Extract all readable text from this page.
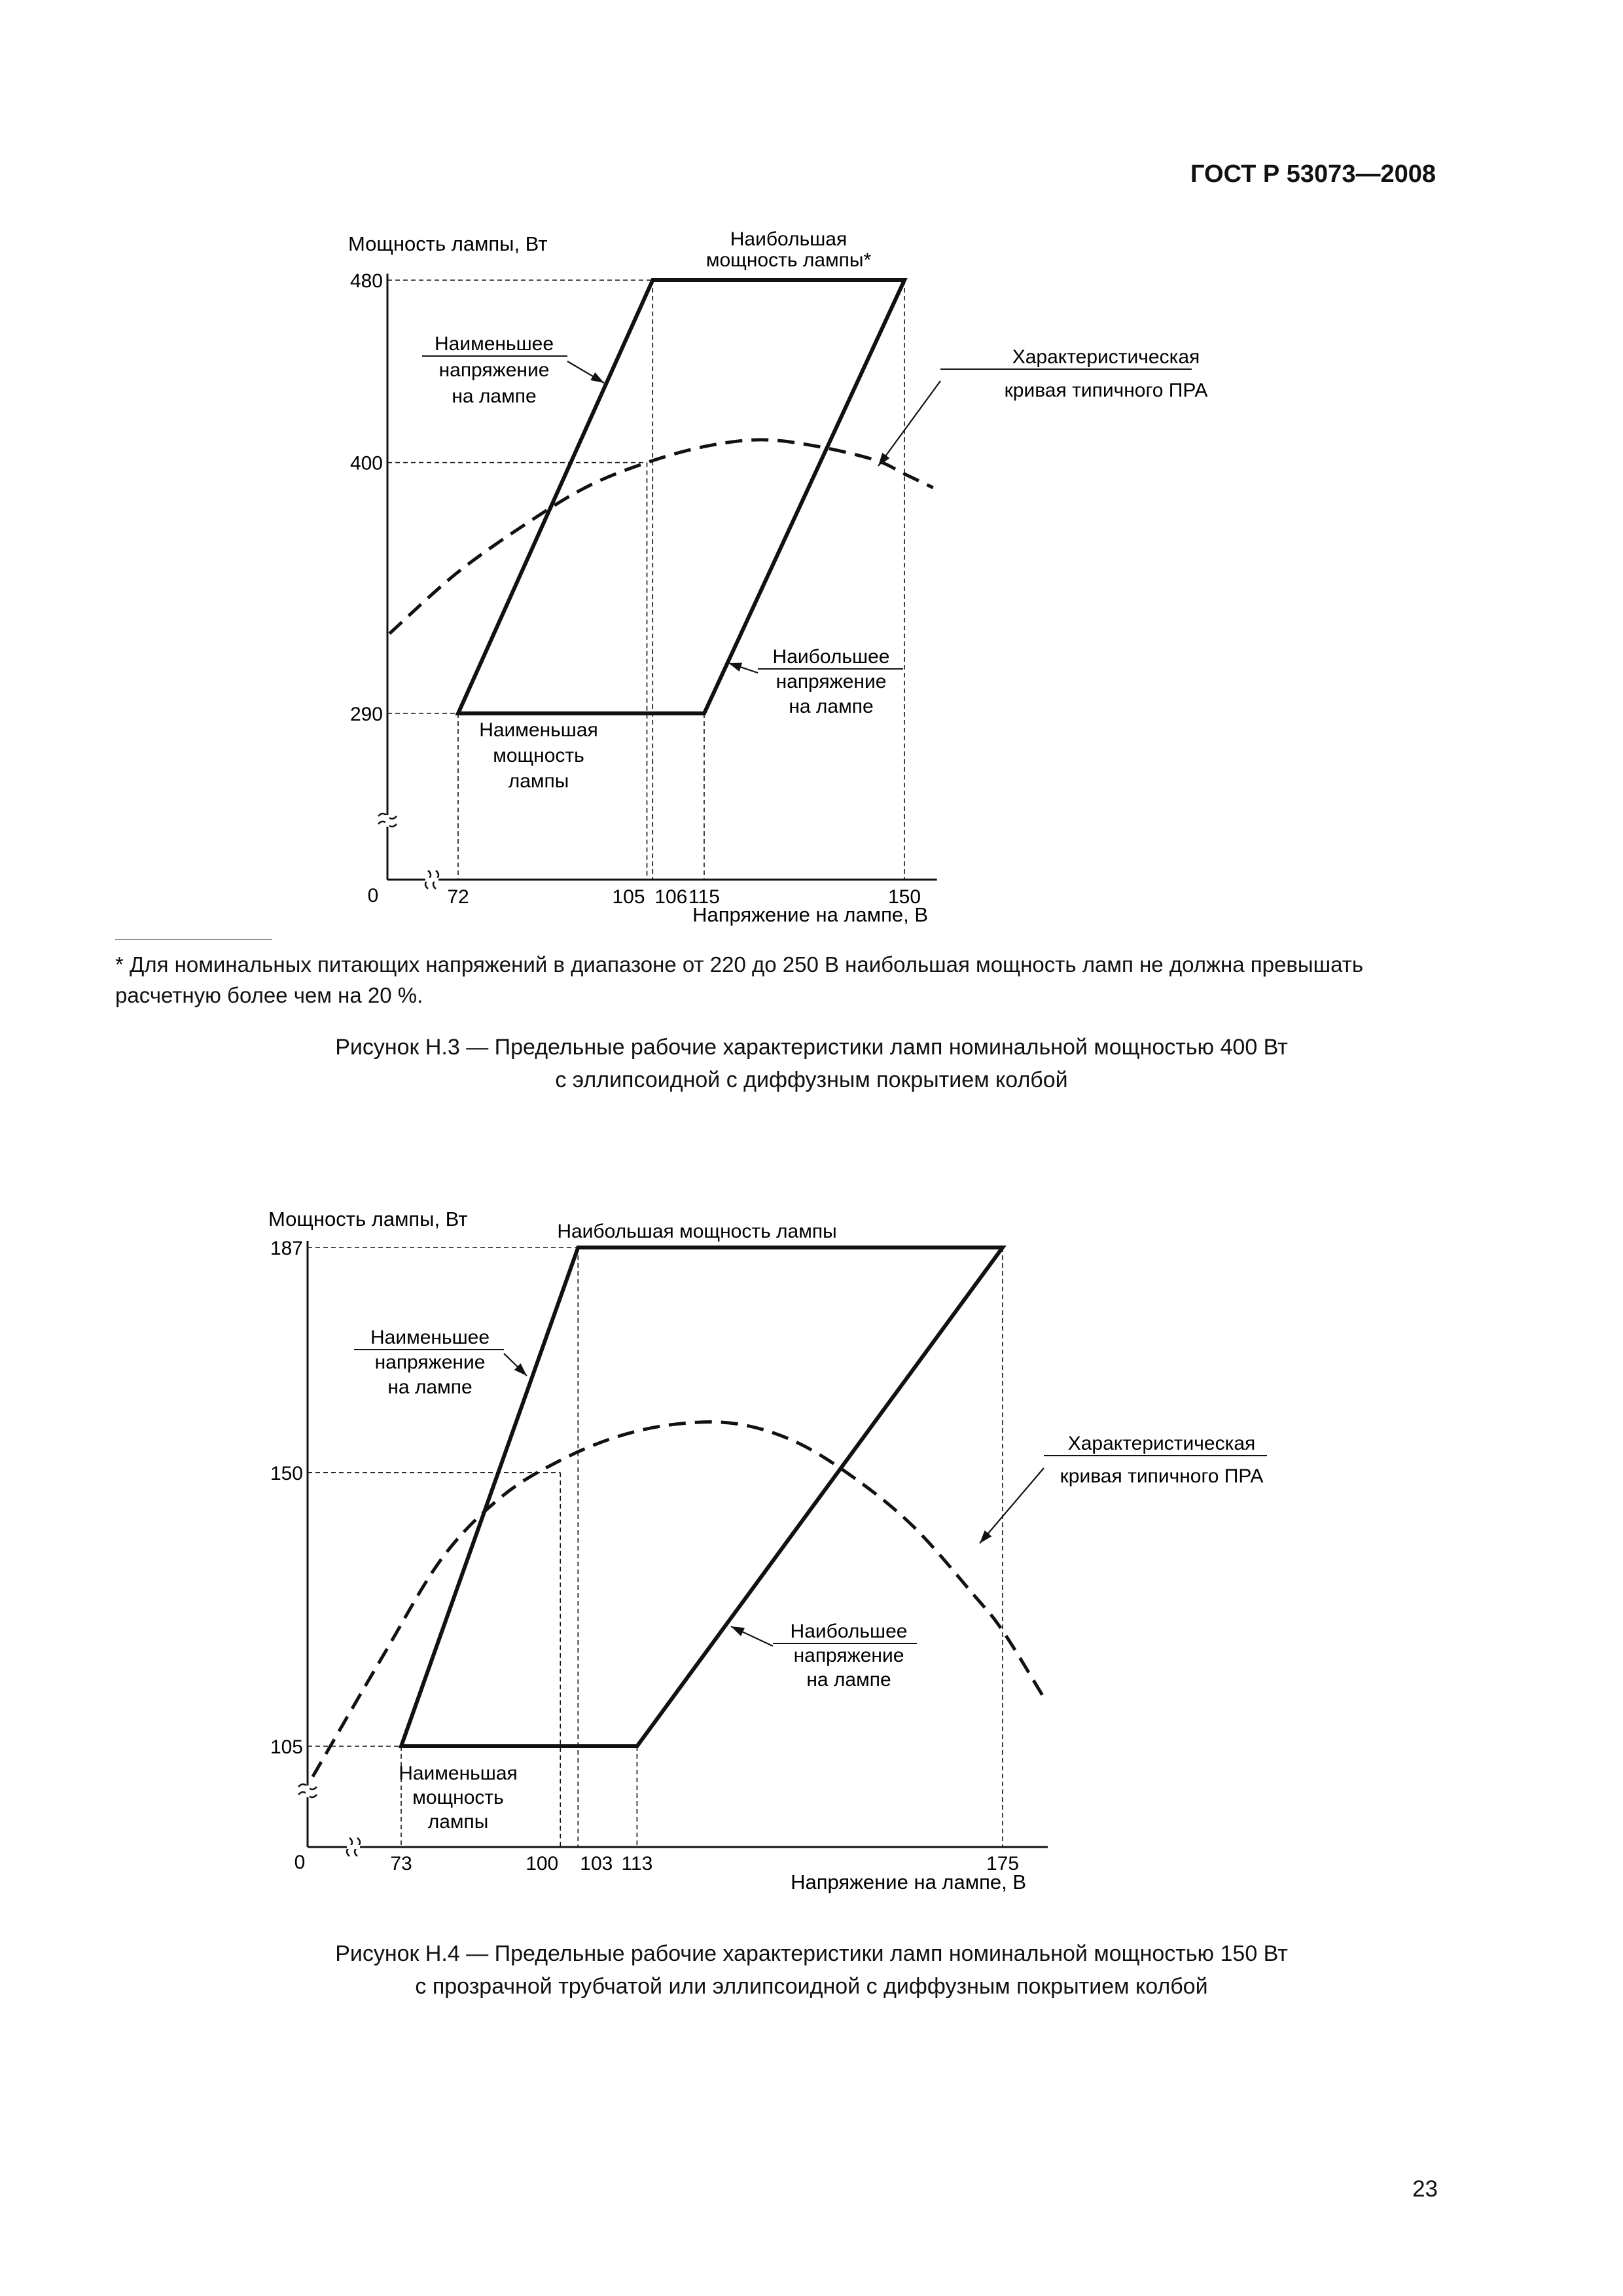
ГОСТ Р 53073—2008
480
400
290
72	105 106 115	150
0
Мощность лампы, Вт
Напряжение на лампе, В
Наибольшая
мощность лампы*
Наименьшее
напряжение
на лампе
Характеристическая
кривая типичного ПРА
Наибольшее
напряжение
на лампе
Наименьшая
мощность
лампы
* Для номинальных питающих напряжений в диапазоне от 220 до 250 В наибольшая мощность ламп не должна превышать расчетную более чем на 20 %.
Рисунок Н.3 — Предельные рабочие характеристики ламп номинальной мощностью 400 Вт
с эллипсоидной с диффузным покрытием колбой
187
150
105
73	100 103 113	175
0
Мощность лампы, Вт
Напряжение на лампе, В
Наибольшая мощность лампы
Наименьшее
напряжение
на лампе
Характеристическая
кривая типичного ПРА
Наибольшее
напряжение
на лампе
Наименьшая
мощность
лампы
Рисунок Н.4 — Предельные рабочие характеристики ламп номинальной мощностью 150 Вт
с прозрачной трубчатой или эллипсоидной с диффузным покрытием колбой
23
